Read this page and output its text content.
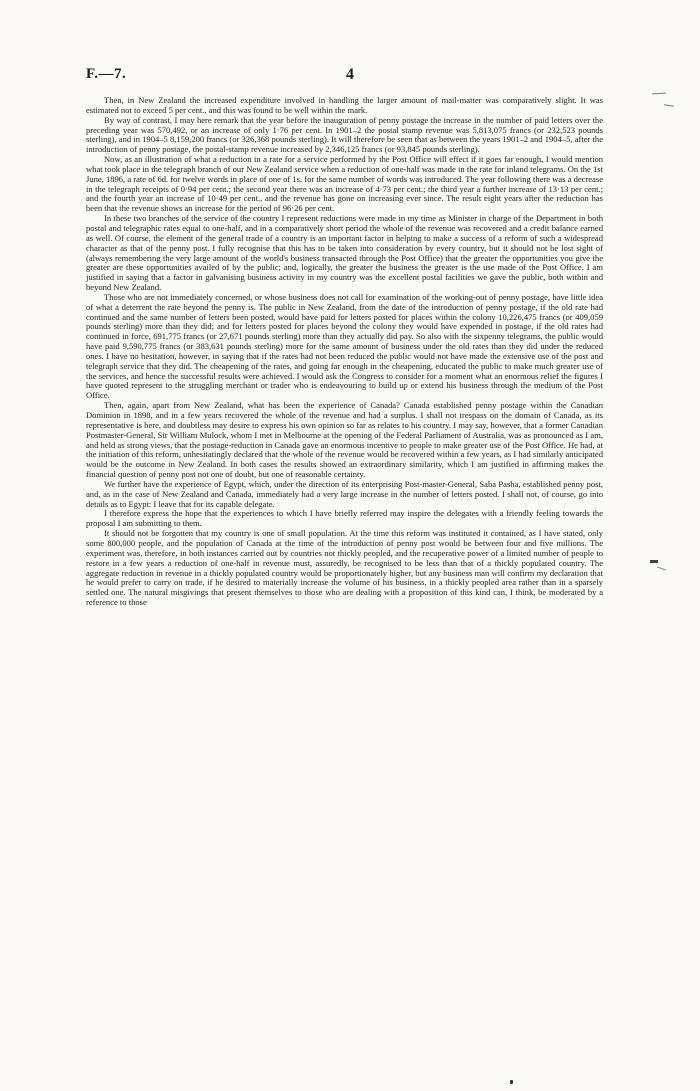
F.—7.	4

Then, in New Zealand the increased expenditure involved in handling the larger amount of mail-matter was comparatively slight. It was estimated not to exceed 5 per cent., and this was found to be well within the mark.

By way of contrast, I may here remark that the year before the inauguration of penny postage the increase in the number of paid letters over the preceding year was 570,492, or an increase of only 1·76 per cent. In 1901–2 the postal stamp revenue was 5,813,075 francs (or 232,523 pounds sterling), and in 1904–5 8,159,200 francs (or 326,368 pounds sterling). It will therefore be seen that as between the years 1901–2 and 1904–5, after the introduction of penny postage, the postal-stamp revenue increased by 2,346,125 francs (or 93,845 pounds sterling).

Now, as an illustration of what a reduction in a rate for a service performed by the Post Office will effect if it goes far enough, I would mention what took place in the telegraph branch of our New Zealand service when a reduction of one-half was made in the rate for inland telegrams. On the 1st June, 1896, a rate of 6d. for twelve words in place of one of 1s. for the same number of words was introduced. The year following there was a decrease in the telegraph receipts of 0·94 per cent.; the second year there was an increase of 4·73 per cent.; the third year a further increase of 13·13 per cent.; and the fourth year an increase of 10·49 per cent., and the revenue has gone on increasing ever since. The result eight years after the reduction has been that the revenue shows an increase for the period of 96·26 per cent.

In these two branches of the service of the country I represent reductions were made in my time as Minister in charge of the Department in both postal and telegraphic rates equal to one-half, and in a comparatively short period the whole of the revenue was recovered and a credit balance earned as well. Of course, the element of the general trade of a country is an important factor in helping to make a success of a reform of such a widespread character as that of the penny post. I fully recognise that this has to be taken into consideration by every country, but it should not be lost sight of (always remembering the very large amount of the world's business transacted through the Post Office) that the greater the opportunities you give the greater are these opportunities availed of by the public; and, logically, the greater the business the greater is the use made of the Post Office. I am justified in saying that a factor in galvanising business activity in my country was the excellent postal facilities we gave the public, both within and beyond New Zealand.

Those who are not immediately concerned, or whose business does not call for examination of the working-out of penny postage, have little idea of what a deterrent the rate beyond the penny is. The public in New Zealand, from the date of the introduction of penny postage, if the old rate had continued and the same number of letters been posted, would have paid for letters posted for places within the colony 10,226,475 francs (or 409,059 pounds sterling) more than they did; and for letters posted for places beyond the colony they would have expended in postage, if the old rates had continued in force, 691,775 francs (or 27,671 pounds sterling) more than they actually did pay. So also with the sixpenny telegrams, the public would have paid 9,590,775 francs (or 383,631 pounds sterling) more for the same amount of business under the old rates than they did under the reduced ones. I have no hesitation, however, in saying that if the rates had not been reduced the public would not have made the extensive use of the post and telegraph service that they did. The cheapening of the rates, and going far enough in the cheapening, educated the public to make much greater use of the services, and hence the successful results were achieved. I would ask the Congress to consider for a moment what an enormous relief the figures I have quoted represent to the struggling merchant or trader who is endeavouring to build up or extend his business through the medium of the Post Office.

Then, again, apart from New Zealand, what has been the experience of Canada? Canada established penny postage within the Canadian Dominion in 1898, and in a few years recovered the whole of the revenue and had a surplus. I shall not trespass on the domain of Canada, as its representative is here, and doubtless may desire to express his own opinion so far as relates to his country. I may say, however, that a former Canadian Postmaster-General, Sir William Mulock, whom I met in Melbourne at the opening of the Federal Parliament of Australia, was as pronounced as I am, and held as strong views, that the postage-reduction in Canada gave an enormous incentive to people to make greater use of the Post Office. He had, at the initiation of this reform, unhesitatingly declared that the whole of the revenue would be recovered within a few years, as I had similarly anticipated would be the outcome in New Zealand. In both cases the results showed an extraordinary similarity, which I am justified in affirming makes the financial question of penny post not one of doubt, but one of reasonable certainty.

We further have the experience of Egypt, which, under the direction of its enterprising Post-master-General, Saba Pasha, established penny post, and, as in the case of New Zealand and Canada, immediately had a very large increase in the number of letters posted. I shall not, of course, go into details as to Egypt: I leave that for its capable delegate.

I therefore express the hope that the experiences to which I have briefly referred may inspire the delegates with a friendly feeling towards the proposal I am submitting to them.

It should not be forgotten that my country is one of small population. At the time this reform was instituted it contained, as I have stated, only some 800,000 people, and the population of Canada at the time of the introduction of penny post would be between four and five millions. The experiment was, therefore, in both instances carried out by countries not thickly peopled, and the recuperative power of a limited number of people to restore in a few years a reduction of one-half in revenue must, assuredly, be recognised to be less than that of a thickly populated country. The aggregate reduction in revenue in a thickly populated country would be proportionately higher, but any business man will confirm my declaration that he would prefer to carry on trade, if he desired to materially increase the volume of his business, in a thickly peopled area rather than in a sparsely settled one. The natural misgivings that present themselves to those who are dealing with a proposition of this kind can, I think, be moderated by a reference to those
